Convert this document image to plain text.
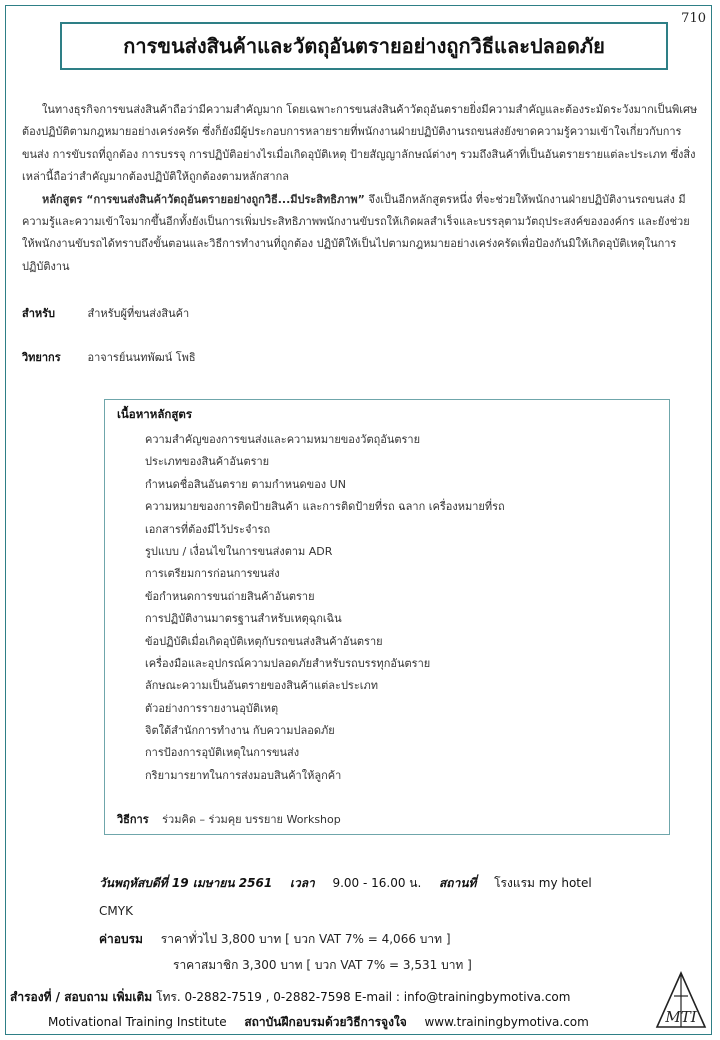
710
การขนส่งสินค้าและวัตถุอันตรายอย่างถูกวิธีและปลอดภัย

ในทางธุรกิจการขนส่งสินค้าถือว่ามีความสำคัญมาก โดยเฉพาะการขนส่งสินค้าวัตถุอันตรายยิ่งมีความสำคัญและต้องระมัดระวังมากเป็นพิเศษ ต้องปฏิบัติตามกฎหมายอย่างเคร่งครัด ซึ่งก็ยังมีผู้ประกอบการหลายรายที่พนักงานฝ่ายปฏิบัติงานรถขนส่งยังขาดความรู้ความเข้าใจเกี่ยวกับการขนส่ง การขับรถที่ถูกต้อง การบรรจุ การปฏิบัติอย่างไรเมื่อเกิดอุบัติเหตุ ป้ายสัญญาลักษณ์ต่างๆ รวมถึงสินค้าที่เป็นอันตรายรายแต่ละประเภท ซึ่งสิ่งเหล่านี้ถือว่าสำคัญมากต้องปฏิบัติให้ถูกต้องตามหลักสากล

หลักสูตร “การขนส่งสินค้าวัตถุอันตรายอย่างถูกวิธี...มีประสิทธิภาพ” จึงเป็นอีกหลักสูตรหนึ่ง ที่จะช่วยให้พนักงานฝ่ายปฏิบัติงานรถขนส่ง มีความรู้และความเข้าใจมากขึ้นอีกทั้งยังเป็นการเพิ่มประสิทธิภาพพนักงานขับรถให้เกิดผลสำเร็จและบรรลุตามวัตถุประสงค์ขององค์กร และยังช่วยให้พนักงานขับรถได้ทราบถึงขั้นตอนและวิธีการทำงานที่ถูกต้อง ปฏิบัติให้เป็นไปตามกฎหมายอย่างเคร่งครัดเพื่อป้องกันมิให้เกิดอุบัติเหตุในการปฏิบัติงาน

สำหรับ	สำหรับผู้ที่ขนส่งสินค้า
วิทยากร อาจารย์นนทพัฒน์ โพธิ
เนื้อหาหลักสูตร
ความสำคัญของการขนส่งและความหมายของวัตถุอันตราย
ประเภทของสินค้าอันตราย
กำหนดชื่อสินอันตราย ตามกำหนดของ UN
ความหมายของการติดป้ายสินค้า และการติดป้ายที่รถ ฉลาก เครื่องหมายที่รถ
เอกสารที่ต้องมีไว้ประจำรถ
รูปแบบ / เงื่อนไขในการขนส่งตาม ADR
การเตรียมการก่อนการขนส่ง
ข้อกำหนดการขนถ่ายสินค้าอันตราย
การปฏิบัติงานมาตรฐานสำหรับเหตุฉุกเฉิน
ข้อปฏิบัติเมื่อเกิดอุบัติเหตุกับรถขนส่งสินค้าอันตราย
เครื่องมือและอุปกรณ์ความปลอดภัยสำหรับรถบรรทุกอันตราย
ลักษณะความเป็นอันตรายของสินค้าแต่ละประเภท
ตัวอย่างการรายงานอุบัติเหตุ
จิตใต้สำนักการทำงาน กับความปลอดภัย
การป้องการอุบัติเหตุในการขนส่ง
กริยามารยาทในการส่งมอบสินค้าให้ลูกค้า
วิธีการ ร่วมคิด – ร่วมคุย บรรยาย Workshop
วันพฤหัสบดีที่ 19 เมษายน 2561 เวลา 9.00 - 16.00 น. สถานที่ โรงแรม my hotel
CMYK
ค่าอบรม ราคาทั่วไป 3,800 บาท [ บวก VAT 7% = 4,066 บาท ]
ราคาสมาชิก 3,300 บาท [ บวก VAT 7% = 3,531 บาท ]
สำรองที่ / สอบถาม เพิ่มเติม โทร. 0-2882-7519 , 0-2882-7598 E-mail : info@trainingbymotiva.com
Motivational Training Institute สถาบันฝึกอบรมด้วยวิธีการจูงใจ www.trainingbymotiva.com	MTI
